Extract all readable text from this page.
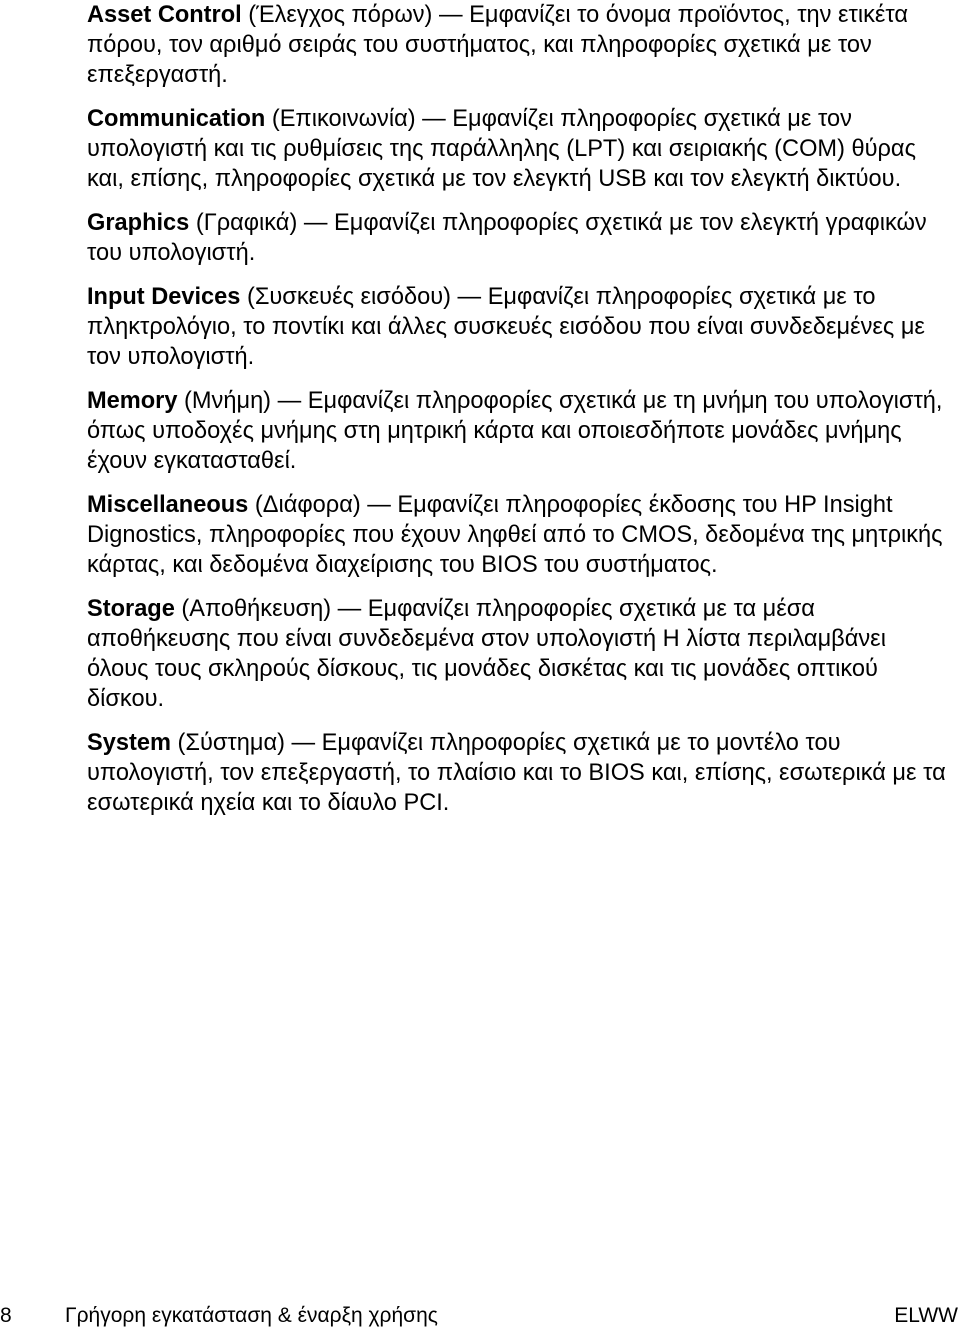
Asset Control (Έλεγχος πόρων) — Εμφανίζει το όνομα προϊόντος, την ετικέτα πόρου, τον αριθμό σειράς του συστήματος, και πληροφορίες σχετικά με τον επεξεργαστή.

Communication (Επικοινωνία) — Εμφανίζει πληροφορίες σχετικά με τον υπολογιστή και τις ρυθμίσεις της παράλληλης (LPT) και σειριακής (COM) θύρας και, επίσης, πληροφορίες σχετικά με τον ελεγκτή USB και τον ελεγκτή δικτύου.

Graphics (Γραφικά) — Εμφανίζει πληροφορίες σχετικά με τον ελεγκτή γραφικών του υπολογιστή.

Input Devices (Συσκευές εισόδου) — Εμφανίζει πληροφορίες σχετικά με το πληκτρολόγιο, το ποντίκι και άλλες συσκευές εισόδου που είναι συνδεδεμένες με τον υπολογιστή.

Memory (Μνήμη) — Εμφανίζει πληροφορίες σχετικά με τη μνήμη του υπολογιστή, όπως υποδοχές μνήμης στη μητρική κάρτα και οποιεσδήποτε μονάδες μνήμης έχουν εγκατασταθεί.

Miscellaneous (Διάφορα) — Εμφανίζει πληροφορίες έκδοσης του HP Insight Dignostics, πληροφορίες που έχουν ληφθεί από το CMOS, δεδομένα της μητρικής κάρτας, και δεδομένα διαχείρισης του BIOS του συστήματος.

Storage (Αποθήκευση) — Εμφανίζει πληροφορίες σχετικά με τα μέσα αποθήκευσης που είναι συνδεδεμένα στον υπολογιστή Η λίστα περιλαμβάνει όλους τους σκληρούς δίσκους, τις μονάδες δισκέτας και τις μονάδες οπτικού δίσκου.

System (Σύστημα) — Εμφανίζει πληροφορίες σχετικά με το μοντέλο του υπολογιστή, τον επεξεργαστή, το πλαίσιο και το BIOS και, επίσης, εσωτερικά με τα εσωτερικά ηχεία και το δίαυλο PCI.

8	Γρήγορη εγκατάσταση & έναρξη χρήσης	ELWW
